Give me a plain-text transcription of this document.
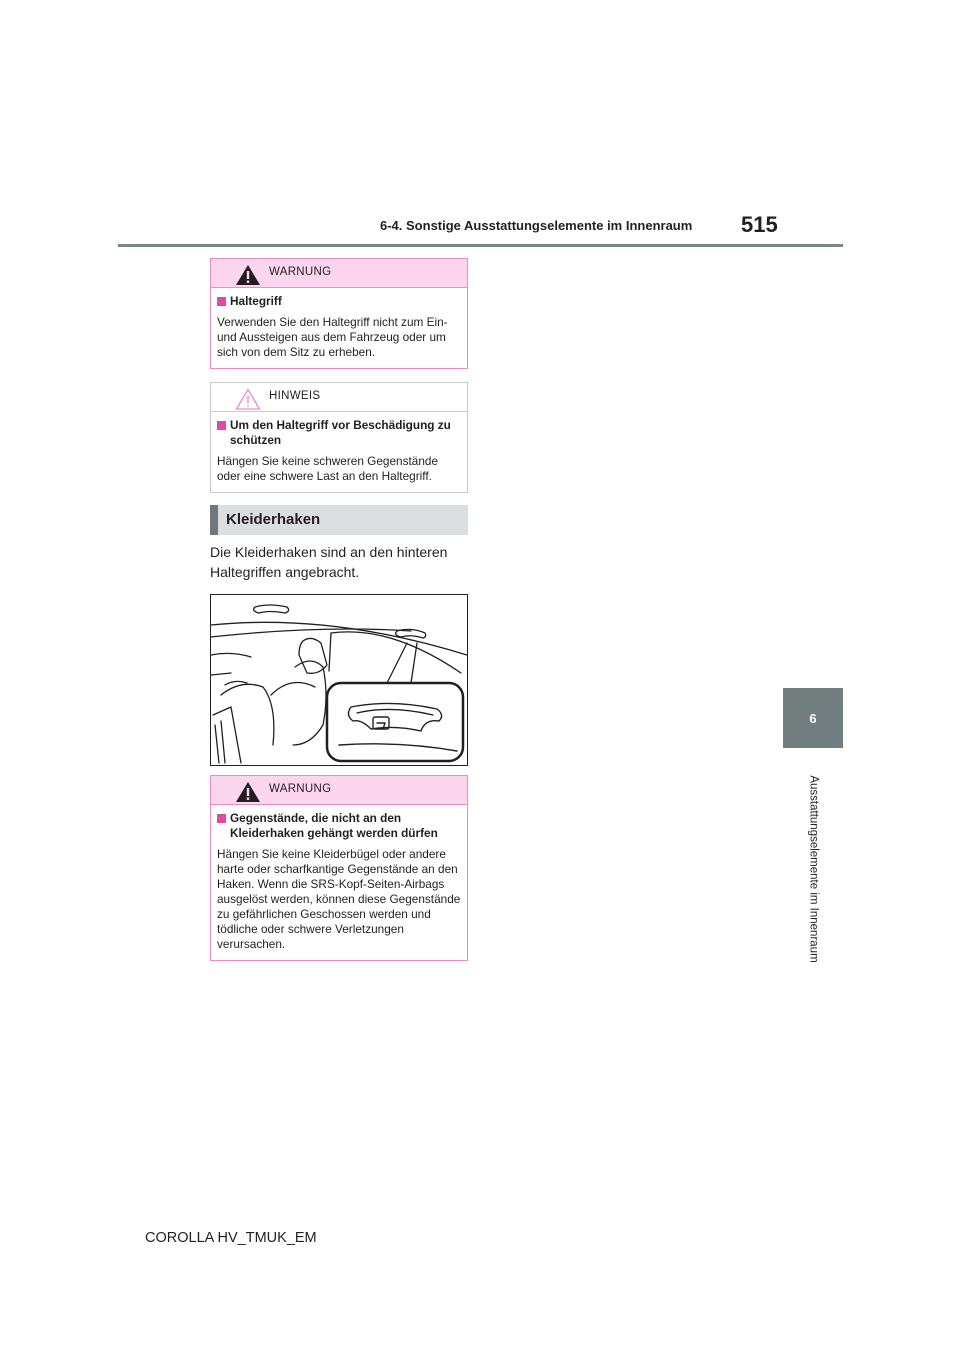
6-4. Sonstige Ausstattungselemente im Innenraum 515
6
Ausstattungselemente im Innenraum
WARNUNG
Haltegriff
Verwenden Sie den Haltegriff nicht zum Ein- und Aussteigen aus dem Fahrzeug oder um sich von dem Sitz zu erheben.
HINWEIS
Um den Haltegriff vor Beschädigung zu schützen
Hängen Sie keine schweren Gegenstände oder eine schwere Last an den Haltegriff.
Kleiderhaken
Die Kleiderhaken sind an den hinteren Haltegriffen angebracht.
WARNUNG
Gegenstände, die nicht an den Kleiderhaken gehängt werden dürfen
Hängen Sie keine Kleiderbügel oder andere harte oder scharfkantige Gegenstände an den Haken. Wenn die SRS-Kopf-Seiten-Airbags ausgelöst werden, können diese Gegenstände zu gefährlichen Geschossen werden und tödliche oder schwere Verletzungen verursachen.
COROLLA HV_TMUK_EM
